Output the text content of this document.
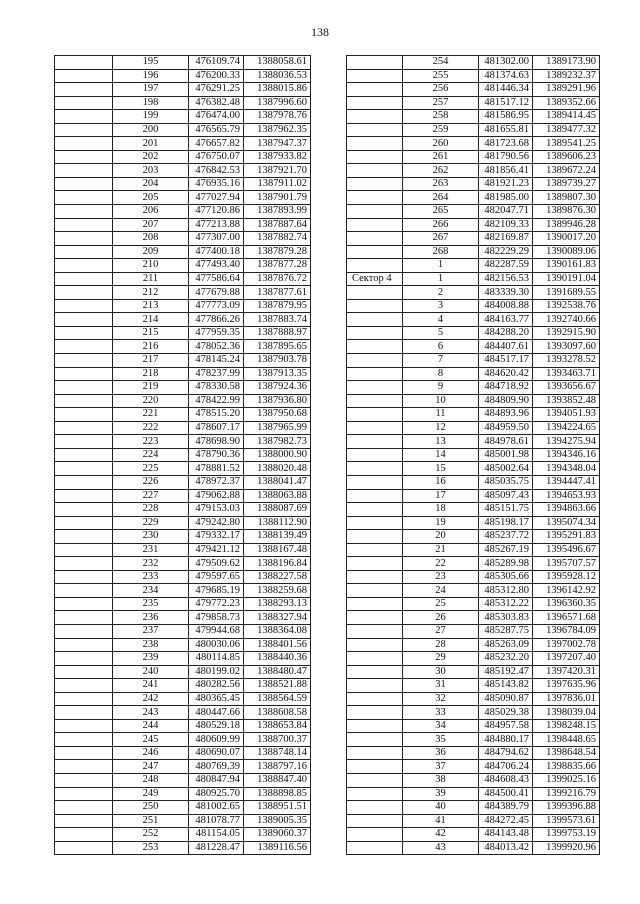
138
	195	476109.74	1388058.61
	196	476200.33	1388036.53
	197	476291.25	1388015.86
	198	476382.48	1387996.60
	199	476474.00	1387978.76
	200	476565.79	1387962.35
	201	476657.82	1387947.37
	202	476750.07	1387933.82
	203	476842.53	1387921.70
	204	476935.16	1387911.02
	205	477027.94	1387901.79
	206	477120.86	1387893.99
	207	477213.88	1387887.64
	208	477307.00	1387882.74
	209	477400.18	1387879.28
	210	477493.40	1387877.28
	211	477586.64	1387876.72
	212	477679.88	1387877.61
	213	477773.09	1387879.95
	214	477866.26	1387883.74
	215	477959.35	1387888.97
	216	478052.36	1387895.65
	217	478145.24	1387903.78
	218	478237.99	1387913.35
	219	478330.58	1387924.36
	220	478422.99	1387936.80
	221	478515.20	1387950.68
	222	478607.17	1387965.99
	223	478698.90	1387982.73
	224	478790.36	1388000.90
	225	478881.52	1388020.48
	226	478972.37	1388041.47
	227	479062.88	1388063.88
	228	479153.03	1388087.69
	229	479242.80	1388112.90
	230	479332.17	1388139.49
	231	479421.12	1388167.48
	232	479509.62	1388196.84
	233	479597.65	1388227.58
	234	479685.19	1388259.68
	235	479772.23	1388293.13
	236	479858.73	1388327.94
	237	479944.68	1388364.08
	238	480030.06	1388401.56
	239	480114.85	1388440.36
	240	480199.02	1388480.47
	241	480282.56	1388521.88
	242	480365.45	1388564.59
	243	480447.66	1388608.58
	244	480529.18	1388653.84
	245	480609.99	1388700.37
	246	480690.07	1388748.14
	247	480769.39	1388797.16
	248	480847.94	1388847.40
	249	480925.70	1388898.85
	250	481002.65	1388951.51
	251	481078.77	1389005.35
	252	481154.05	1389060.37
	253	481228.47	1389116.56
	254	481302.00	1389173.90
	255	481374.63	1389232.37
	256	481446.34	1389291.96
	257	481517.12	1389352.66
	258	481586.95	1389414.45
	259	481655.81	1389477.32
	260	481723.68	1389541.25
	261	481790.56	1389606.23
	262	481856.41	1389672.24
	263	481921.23	1389739.27
	264	481985.00	1389807.30
	265	482047.71	1389876.30
	266	482109.33	1389946.28
	267	482169.87	1390017.20
	268	482229.29	1390089.06
	1	482287.59	1390161.83
Сектор 4	1	482156.53	1390191.04
	2	483339.30	1391689.55
	3	484008.88	1392538.76
	4	484163.77	1392740.66
	5	484288.20	1392915.90
	6	484407.61	1393097.60
	7	484517.17	1393278.52
	8	484620.42	1393463.71
	9	484718.92	1393656.67
	10	484809.90	1393852.48
	11	484893.96	1394051.93
	12	484959.50	1394224.65
	13	484978.61	1394275.94
	14	485001.98	1394346.16
	15	485002.64	1394348.04
	16	485035.75	1394447.41
	17	485097.43	1394653.93
	18	485151.75	1394863.66
	19	485198.17	1395074.34
	20	485237.72	1395291.83
	21	485267.19	1395496.67
	22	485289.98	1395707.57
	23	485305.66	1395928.12
	24	485312.80	1396142.92
	25	485312.22	1396360.35
	26	485303.83	1396571.68
	27	485287.75	1396784.09
	28	485263.09	1397002.78
	29	485232.20	1397207.40
	30	485192.47	1397420.31
	31	485143.82	1397635.96
	32	485090.87	1397836.01
	33	485029.38	1398039.04
	34	484957.58	1398248.15
	35	484880.17	1398448.65
	36	484794.62	1398648.54
	37	484706.24	1398835.66
	38	484608.43	1399025.16
	39	484500.41	1399216.79
	40	484389.79	1399396.88
	41	484272.45	1399573.61
	42	484143.48	1399753.19
	43	484013.42	1399920.96
